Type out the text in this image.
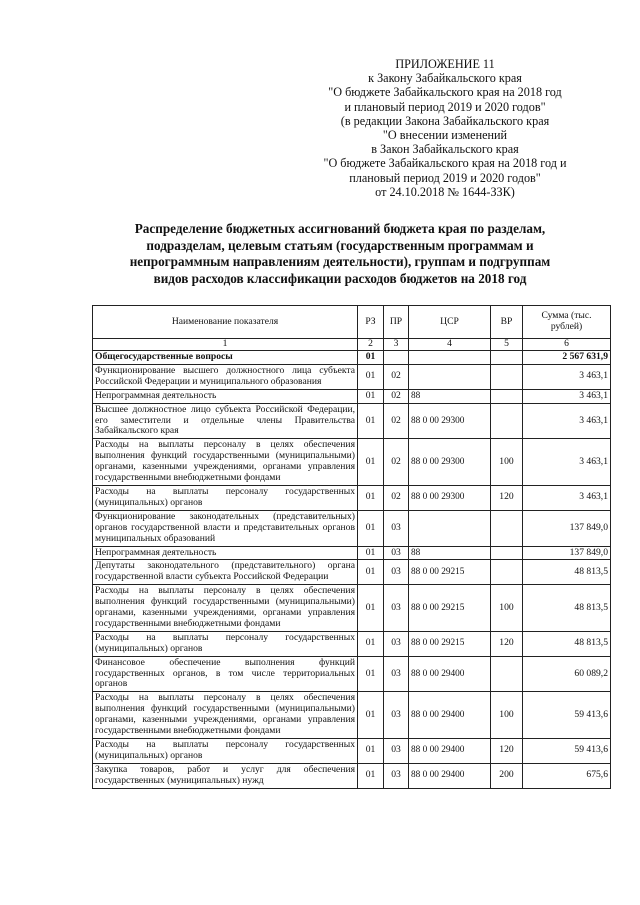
ПРИЛОЖЕНИЕ 11
к Закону Забайкальского края
"О бюджете Забайкальского края на 2018 год
и плановый период 2019 и 2020 годов"
(в редакции Закона Забайкальского края
"О внесении изменений
в Закон Забайкальского края
"О бюджете Забайкальского края на 2018 год и
плановый период 2019 и 2020 годов"
от 24.10.2018 № 1644-ЗЗК)
Распределение бюджетных ассигнований бюджета края по разделам,
подразделам, целевым статьям (государственным программам и
непрограммным направлениям деятельности), группам и подгруппам
видов расходов классификации расходов бюджетов на 2018 год
Наименование показателя	РЗ	ПР	ЦСР	ВР	Сумма (тыс. рублей)
1	2	3	4	5	6
Общегосударственные вопросы	01				2 567 631,9
Функционирование высшего должностного лица субъекта Российской Федерации и муниципального образования	01	02			3 463,1
Непрограммная деятельность	01	02	88		3 463,1
Высшее должностное лицо субъекта Российской Федерации, его заместители и отдельные члены Правительства Забайкальского края	01	02	88 0 00 29300		3 463,1
Расходы на выплаты персоналу в целях обеспечения выполнения функций государственными (муниципальными) органами, казенными учреждениями, органами управления государственными внебюджетными фондами	01	02	88 0 00 29300	100	3 463,1
Расходы на выплаты персоналу государственных (муниципальных) органов	01	02	88 0 00 29300	120	3 463,1
Функционирование законодательных (представительных) органов государственной власти и представительных органов муниципальных образований	01	03			137 849,0
Непрограммная деятельность	01	03	88		137 849,0
Депутаты законодательного (представительного) органа государственной власти субъекта Российской Федерации	01	03	88 0 00 29215		48 813,5
Расходы на выплаты персоналу в целях обеспечения выполнения функций государственными (муниципальными) органами, казенными учреждениями, органами управления государственными внебюджетными фондами	01	03	88 0 00 29215	100	48 813,5
Расходы на выплаты персоналу государственных (муниципальных) органов	01	03	88 0 00 29215	120	48 813,5
Финансовое обеспечение выполнения функций государственных органов, в том числе территориальных органов	01	03	88 0 00 29400		60 089,2
Расходы на выплаты персоналу в целях обеспечения выполнения функций государственными (муниципальными) органами, казенными учреждениями, органами управления государственными внебюджетными фондами	01	03	88 0 00 29400	100	59 413,6
Расходы на выплаты персоналу государственных (муниципальных) органов	01	03	88 0 00 29400	120	59 413,6
Закупка товаров, работ и услуг для обеспечения государственных (муниципальных) нужд	01	03	88 0 00 29400	200	675,6
